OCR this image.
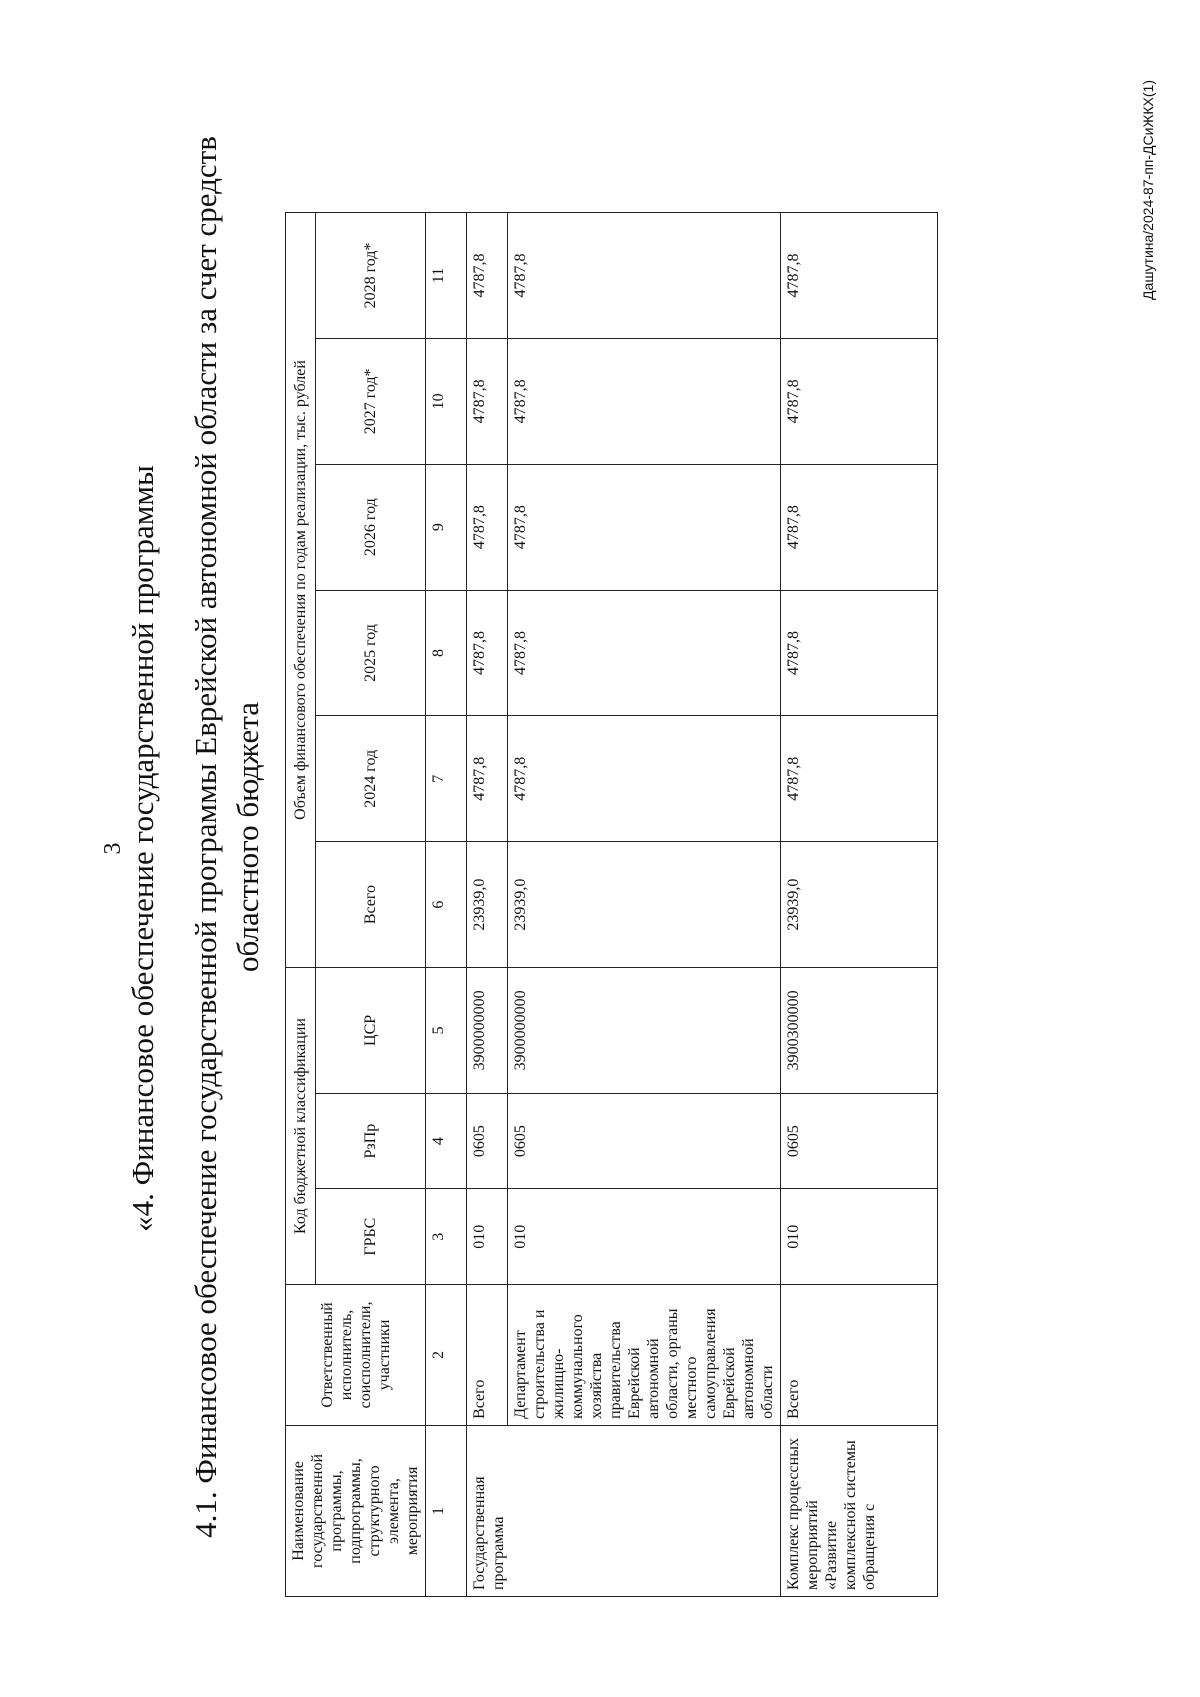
3 «4. Финансовое обеспечение государственной программы 4.1. Финансовое обеспечение государственной программы Еврейской автономной области за счет средств областного бюджета
Наименование государственной программы, подпрограммы, структурного элемента, мероприятия	Ответственный исполнитель, соисполнители, участники	Код бюджетной классификации			Объем финансового обеспечения по годам реализации, тыс. рублей					
		ГРБС	РзПр	ЦСР	Всего	2024 год	2025 год	2026 год	2027 год*	2028 год*
1	2	3	4	5	6	7	8	9	10	11
Государственная программа	Всего	010	0605	3900000000	23939,0	4787,8	4787,8	4787,8	4787,8	4787,8
	Департамент строительства и жилищно-коммунального хозяйства правительства Еврейской автономной области, органы местного самоуправления Еврейской автономной области	010	0605	3900000000	23939,0	4787,8	4787,8	4787,8	4787,8	4787,8
Комплекс процессных мероприятий «Развитие комплексной системы обращения с	Всего	010	0605	3900300000	23939,0	4787,8	4787,8	4787,8	4787,8	4787,8	Дашутина/2024-87-пп-ДСиЖКХ(1)
